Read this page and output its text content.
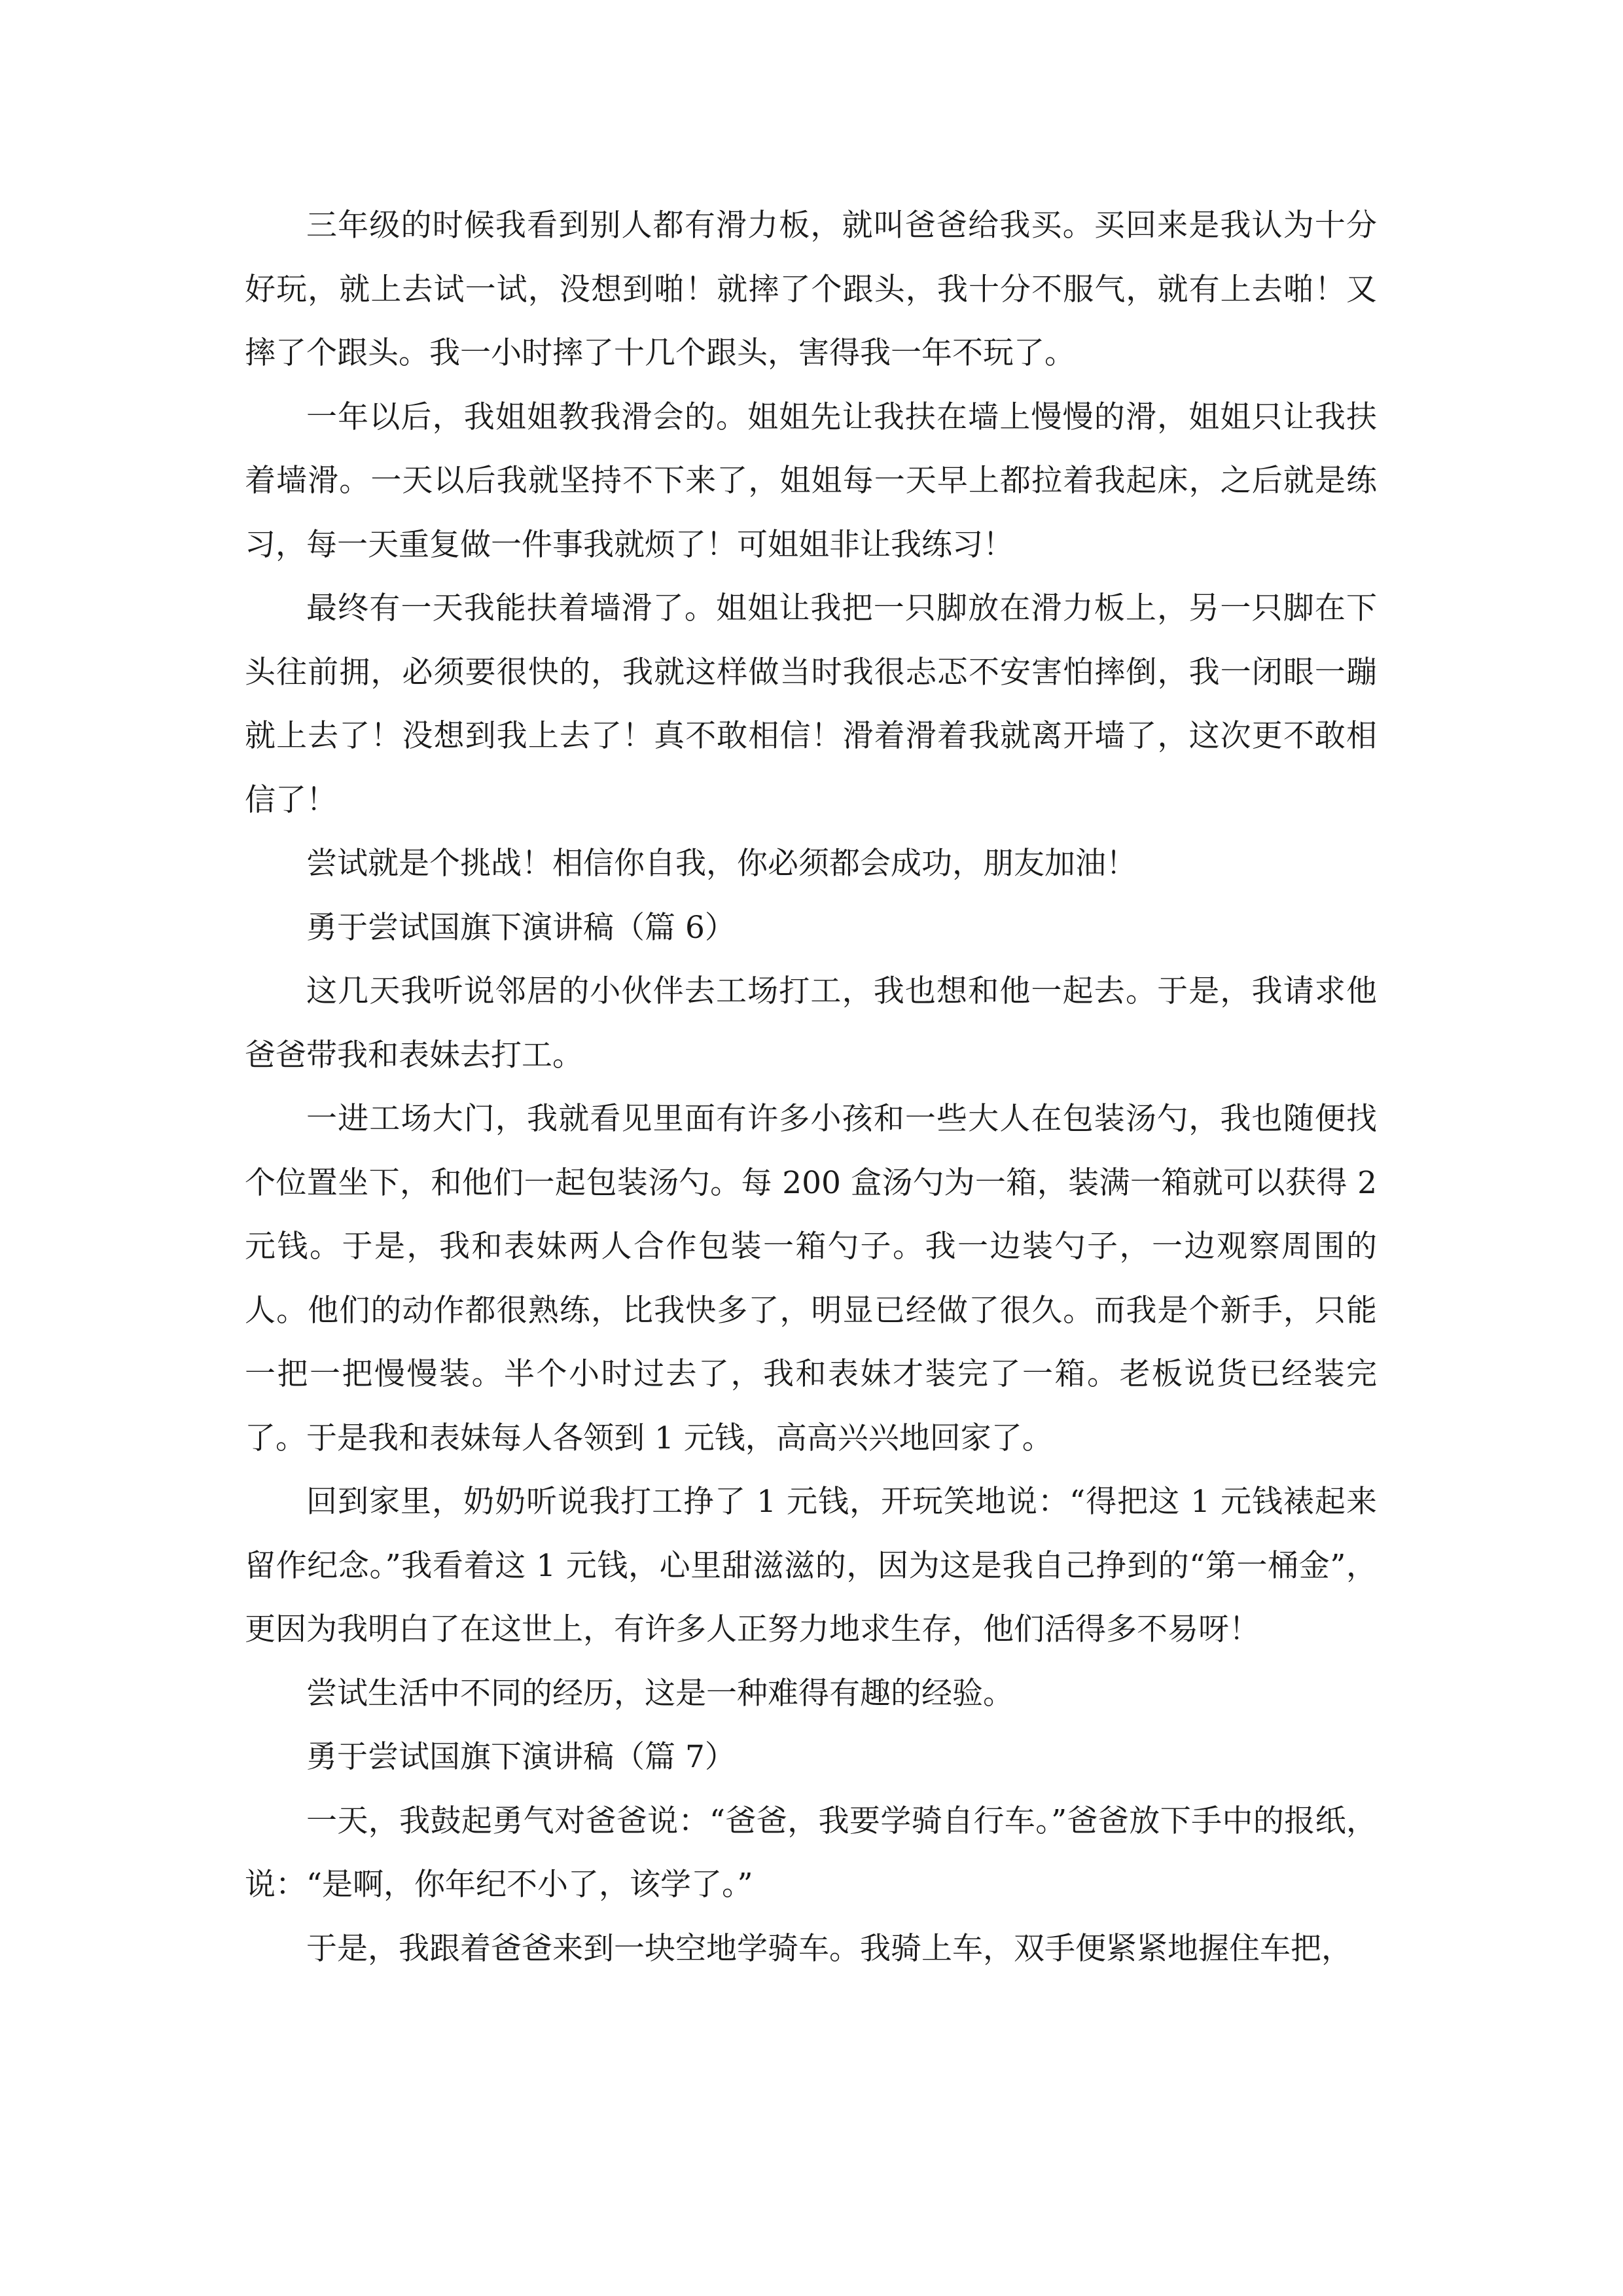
三年级的时候我看到别人都有滑力板，就叫爸爸给我买。买回来是我认为十分好玩，就上去试一试，没想到啪！就摔了个跟头，我十分不服气，就有上去啪！又摔了个跟头。我一小时摔了十几个跟头，害得我一年不玩了。

一年以后，我姐姐教我滑会的。姐姐先让我扶在墙上慢慢的滑，姐姐只让我扶着墙滑。一天以后我就坚持不下来了，姐姐每一天早上都拉着我起床，之后就是练习，每一天重复做一件事我就烦了！可姐姐非让我练习！

最终有一天我能扶着墙滑了。姐姐让我把一只脚放在滑力板上，另一只脚在下头往前拥，必须要很快的，我就这样做当时我很忐忑不安害怕摔倒，我一闭眼一蹦就上去了！没想到我上去了！真不敢相信！滑着滑着我就离开墙了，这次更不敢相信了！

尝试就是个挑战！相信你自我，你必须都会成功，朋友加油！

勇于尝试国旗下演讲稿（篇 6）

这几天我听说邻居的小伙伴去工场打工，我也想和他一起去。于是，我请求他爸爸带我和表妹去打工。

一进工场大门，我就看见里面有许多小孩和一些大人在包装汤勺，我也随便找个位置坐下，和他们一起包装汤勺。每 200 盒汤勺为一箱，装满一箱就可以获得 2 元钱。于是，我和表妹两人合作包装一箱勺子。我一边装勺子，一边观察周围的人。他们的动作都很熟练，比我快多了，明显已经做了很久。而我是个新手，只能一把一把慢慢装。半个小时过去了，我和表妹才装完了一箱。老板说货已经装完了。于是我和表妹每人各领到 1 元钱，高高兴兴地回家了。

回到家里，奶奶听说我打工挣了 1 元钱，开玩笑地说：“得把这 1 元钱裱起来留作纪念。”我看着这 1 元钱，心里甜滋滋的，因为这是我自己挣到的“第一桶金”，更因为我明白了在这世上，有许多人正努力地求生存，他们活得多不易呀！

尝试生活中不同的经历，这是一种难得有趣的经验。

勇于尝试国旗下演讲稿（篇 7）

一天，我鼓起勇气对爸爸说：“爸爸，我要学骑自行车。”爸爸放下手中的报纸，说：“是啊，你年纪不小了，该学了。”

于是，我跟着爸爸来到一块空地学骑车。我骑上车，双手便紧紧地握住车把，
